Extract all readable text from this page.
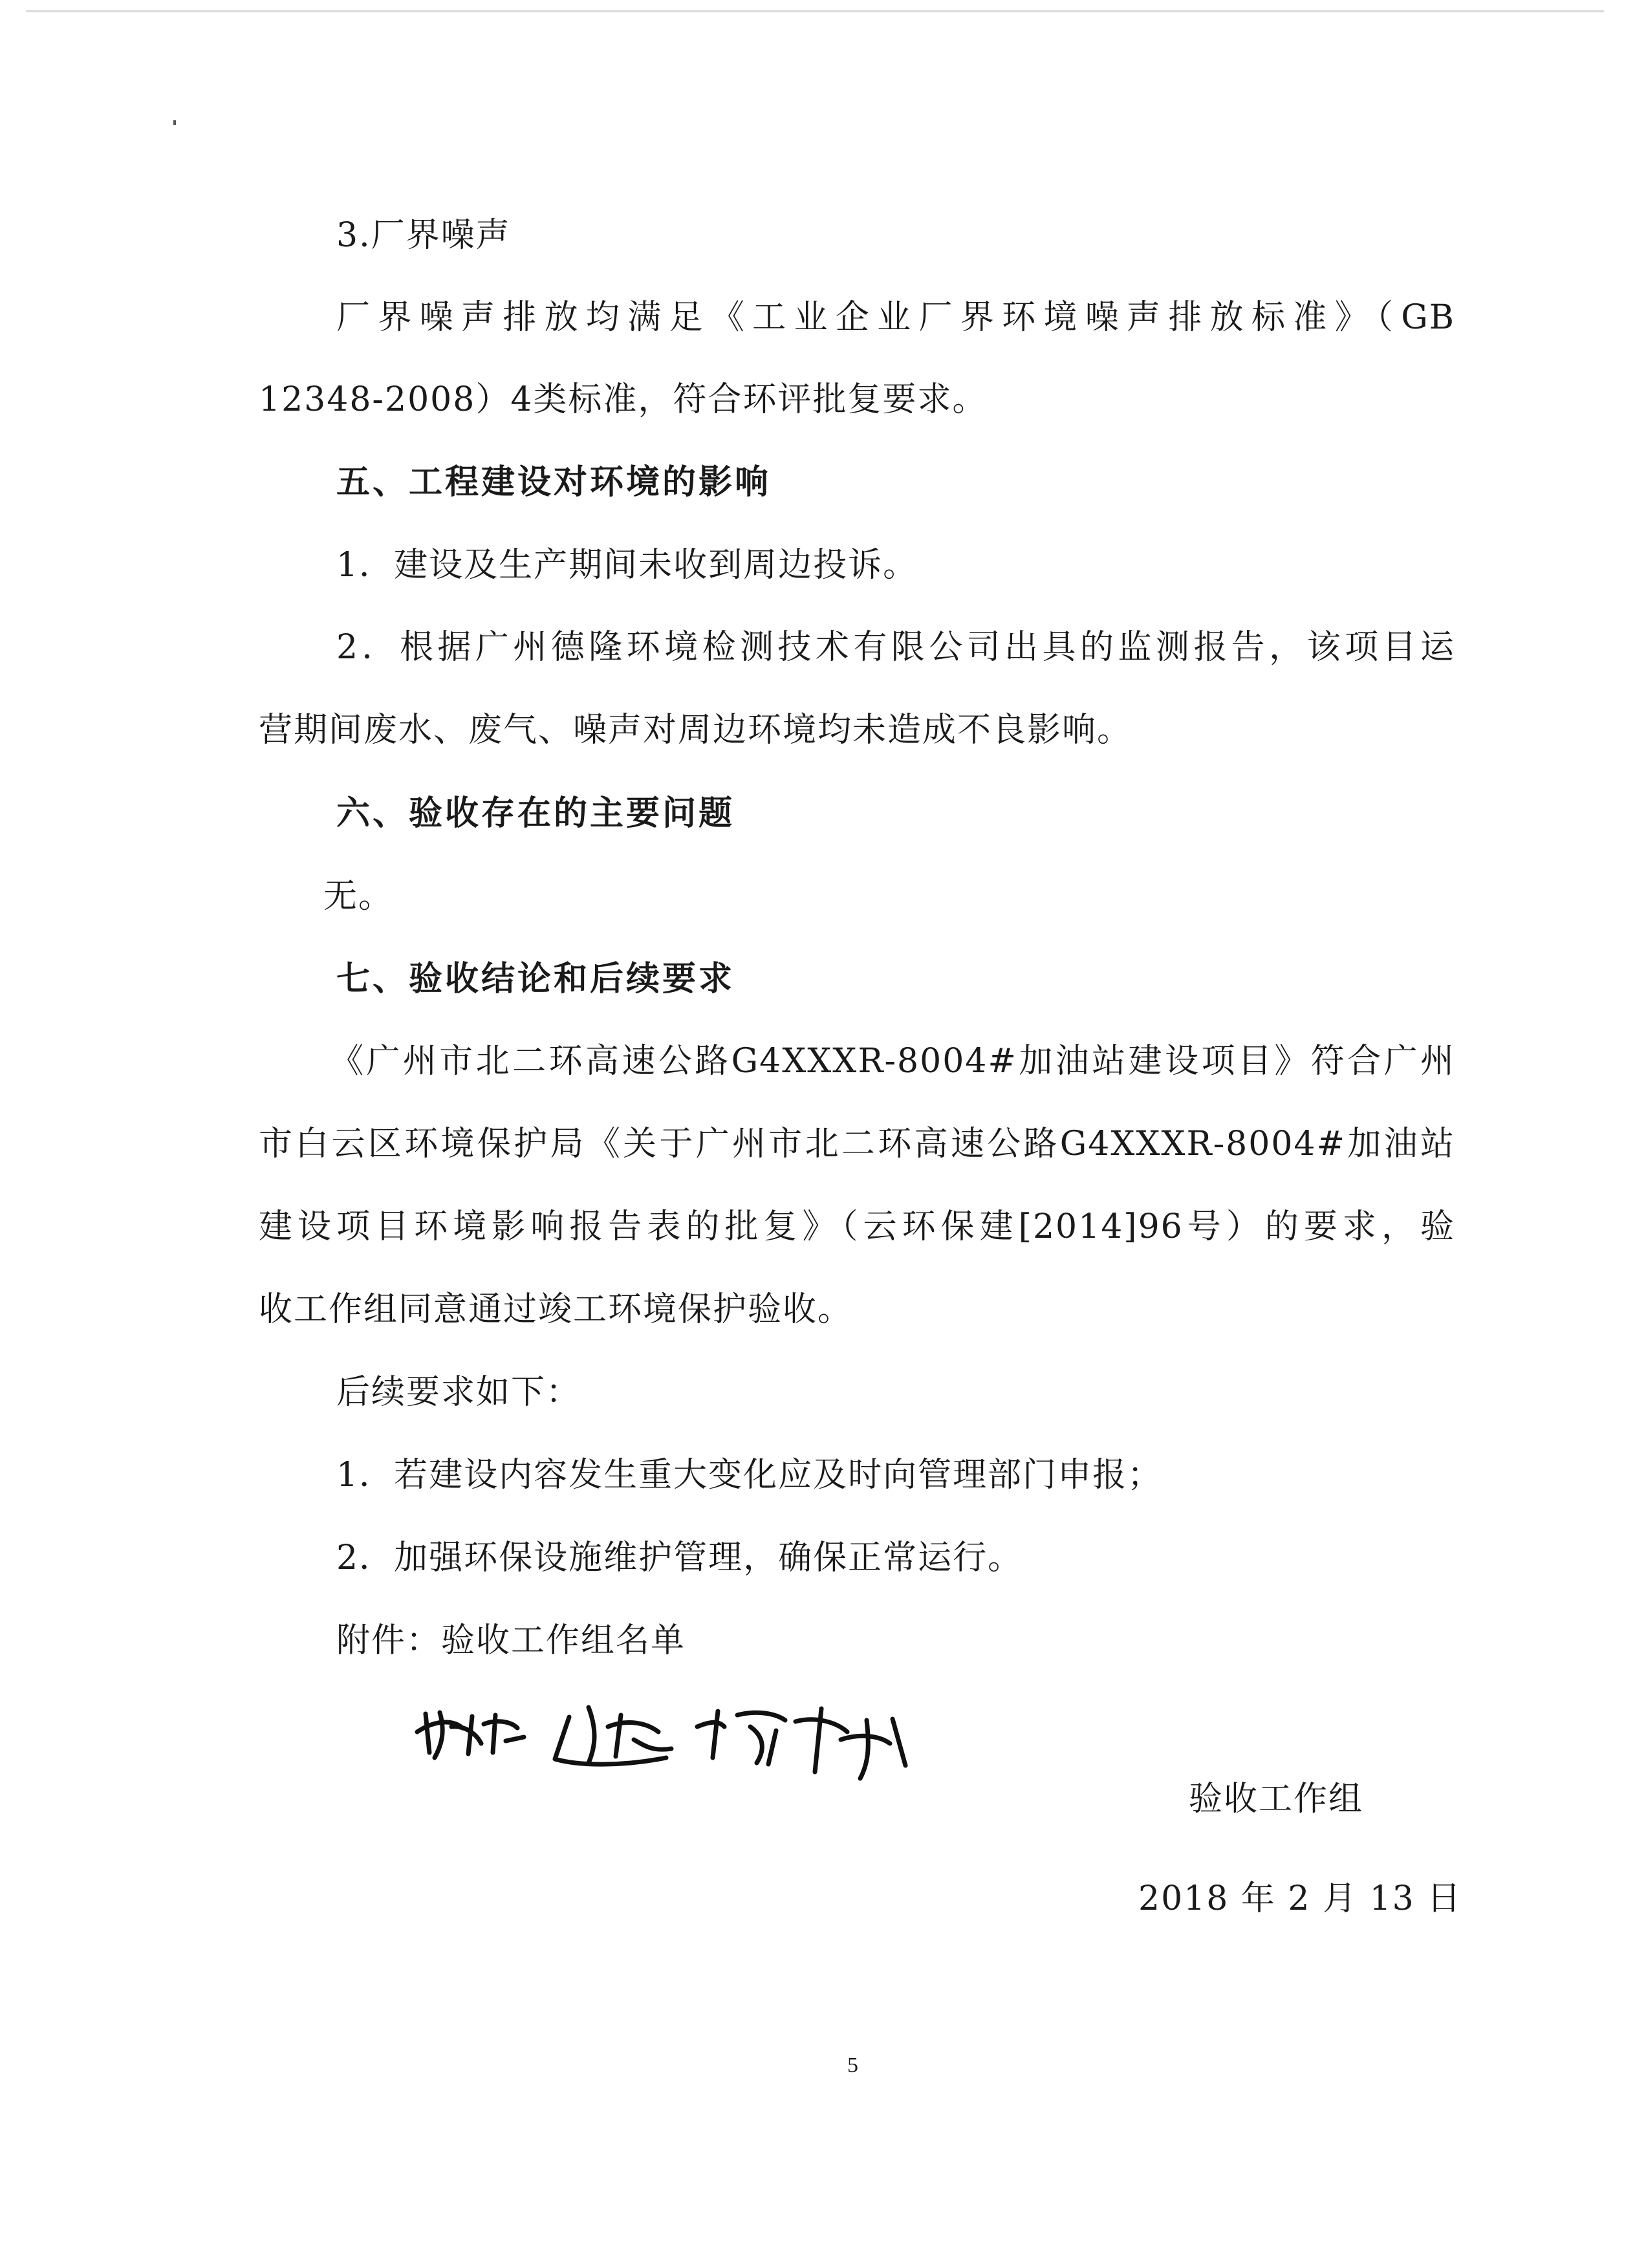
3.厂界噪声
厂界噪声排放均满足《工业企业厂界环境噪声排放标准》（GB
12348-2008）4类标准，符合环评批复要求。
五、工程建设对环境的影响
1．建设及生产期间未收到周边投诉。
2．根据广州德隆环境检测技术有限公司出具的监测报告，该项目运
营期间废水、废气、噪声对周边环境均未造成不良影响。
六、验收存在的主要问题
无。
七、验收结论和后续要求
《广州市北二环高速公路G4XXXR-8004#加油站建设项目》符合广州
市白云区环境保护局《关于广州市北二环高速公路G4XXXR-8004#加油站
建设项目环境影响报告表的批复》（云环保建[2014]96号）的要求，验
收工作组同意通过竣工环境保护验收。
后续要求如下：
1．若建设内容发生重大变化应及时向管理部门申报；
2．加强环保设施维护管理，确保正常运行。
附件：验收工作组名单
验收工作组
2018 年 2 月 13 日
5
